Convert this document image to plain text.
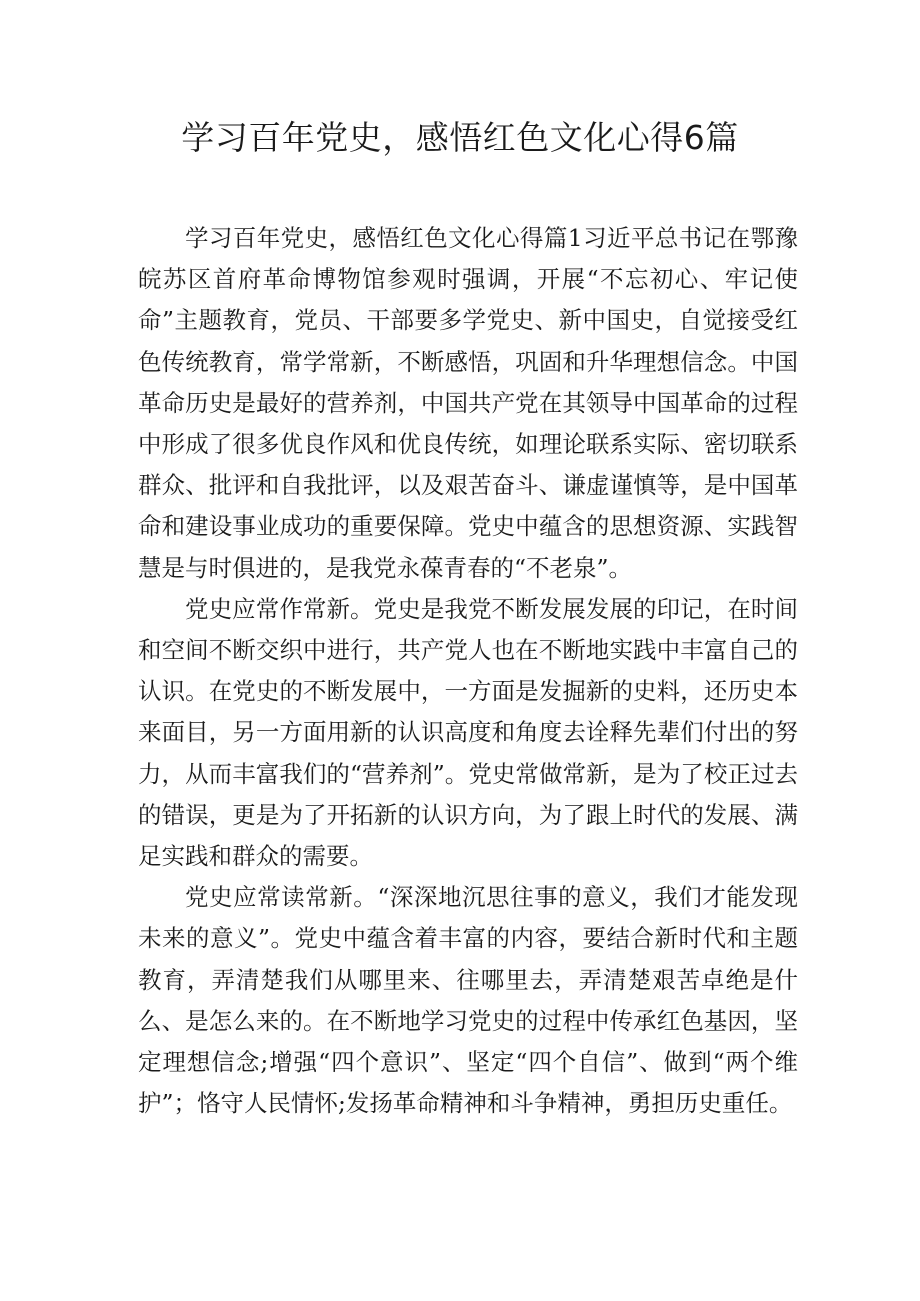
学习百年党史，感悟红色文化心得6篇

学习百年党史，感悟红色文化心得篇1习近平总书记在鄂豫皖苏区首府革命博物馆参观时强调，开展“不忘初心、牢记使命”主题教育，党员、干部要多学党史、新中国史，自觉接受红色传统教育，常学常新，不断感悟，巩固和升华理想信念。中国革命历史是最好的营养剂，中国共产党在其领导中国革命的过程中形成了很多优良作风和优良传统，如理论联系实际、密切联系群众、批评和自我批评，以及艰苦奋斗、谦虚谨慎等，是中国革命和建设事业成功的重要保障。党史中蕴含的思想资源、实践智慧是与时俱进的，是我党永葆青春的“不老泉”。

党史应常作常新。党史是我党不断发展发展的印记，在时间和空间不断交织中进行，共产党人也在不断地实践中丰富自己的认识。在党史的不断发展中，一方面是发掘新的史料，还历史本来面目，另一方面用新的认识高度和角度去诠释先辈们付出的努力，从而丰富我们的“营养剂”。党史常做常新，是为了校正过去的错误，更是为了开拓新的认识方向，为了跟上时代的发展、满足实践和群众的需要。

党史应常读常新。“深深地沉思往事的意义，我们才能发现未来的意义”。党史中蕴含着丰富的内容，要结合新时代和主题教育，弄清楚我们从哪里来、往哪里去，弄清楚艰苦卓绝是什么、是怎么来的。在不断地学习党史的过程中传承红色基因，坚定理想信念;增强“四个意识”、坚定“四个自信”、做到“两个维护”；恪守人民情怀;发扬革命精神和斗争精神，勇担历史重任。
